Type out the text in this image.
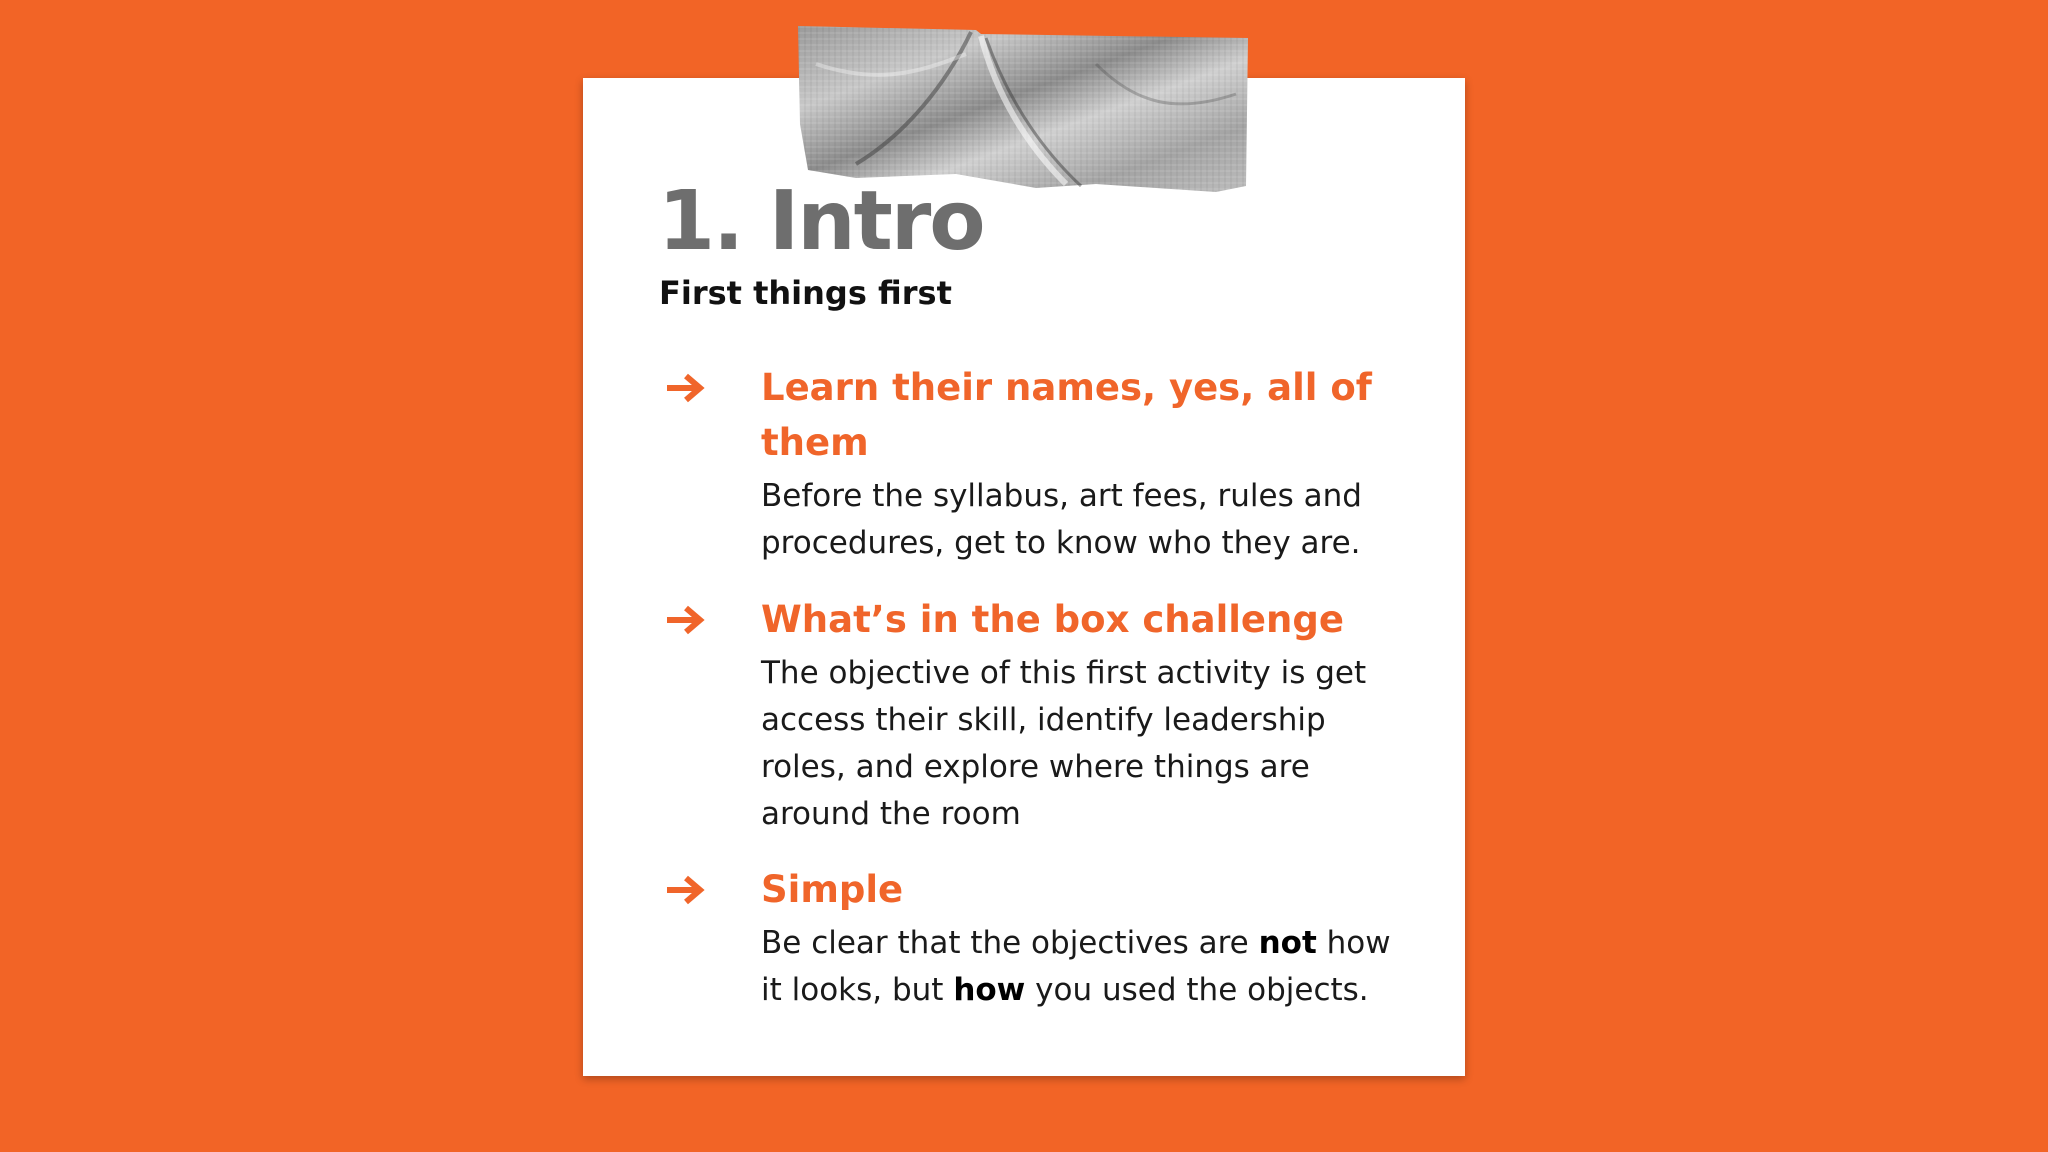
1. Intro
First things first
Learn their names, yes, all of them
Before the syllabus, art fees, rules and procedures, get to know who they are.
What’s in the box challenge
The objective of this first activity is get access their skill, identify leadership roles, and explore where things are around the room
Simple
Be clear that the objectives are not how it looks, but how you used the objects.
